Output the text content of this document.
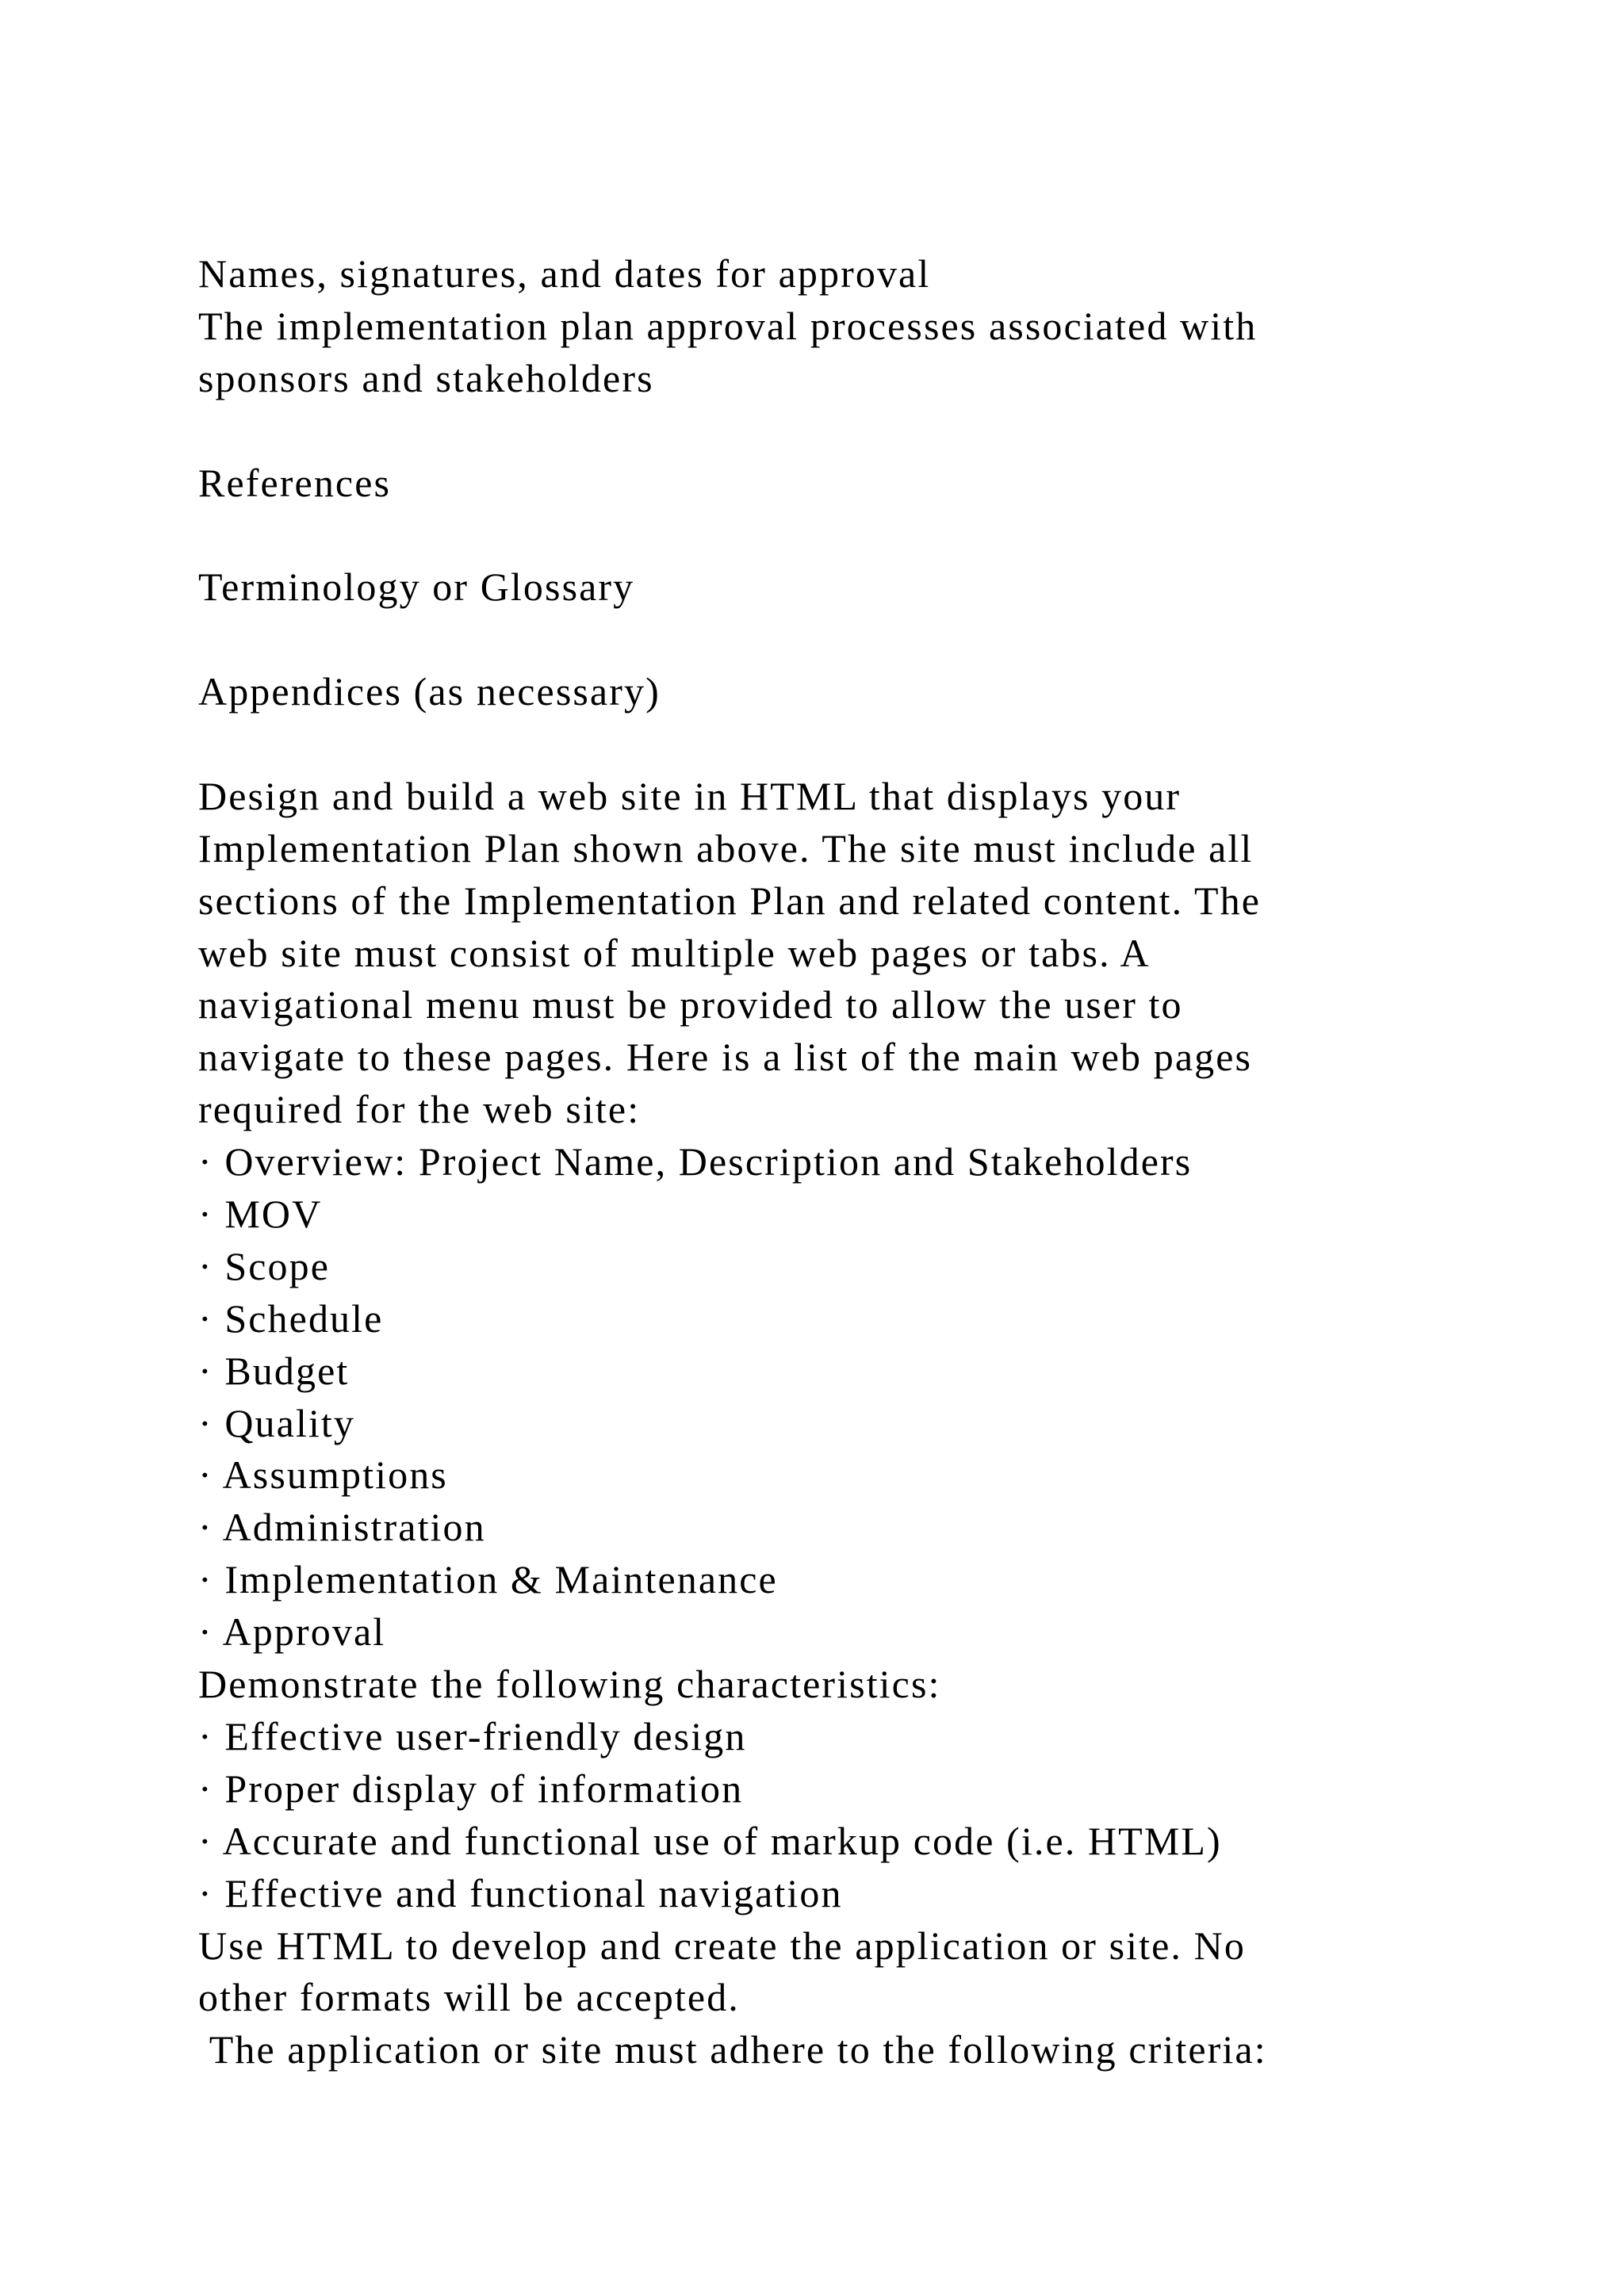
Names, signatures, and dates for approval
The implementation plan approval processes associated with
sponsors and stakeholders
References
Terminology or Glossary
Appendices (as necessary)
Design and build a web site in HTML that displays your
Implementation Plan shown above. The site must include all
sections of the Implementation Plan and related content. The
web site must consist of multiple web pages or tabs. A
navigational menu must be provided to allow the user to
navigate to these pages. Here is a list of the main web pages
required for the web site:
· Overview: Project Name, Description and Stakeholders
· MOV
· Scope
· Schedule
· Budget
· Quality
· Assumptions
· Administration
· Implementation & Maintenance
· Approval
Demonstrate the following characteristics:
· Effective user-friendly design
· Proper display of information
· Accurate and functional use of markup code (i.e. HTML)
· Effective and functional navigation
Use HTML to develop and create the application or site. No
other formats will be accepted.
The application or site must adhere to the following criteria:
